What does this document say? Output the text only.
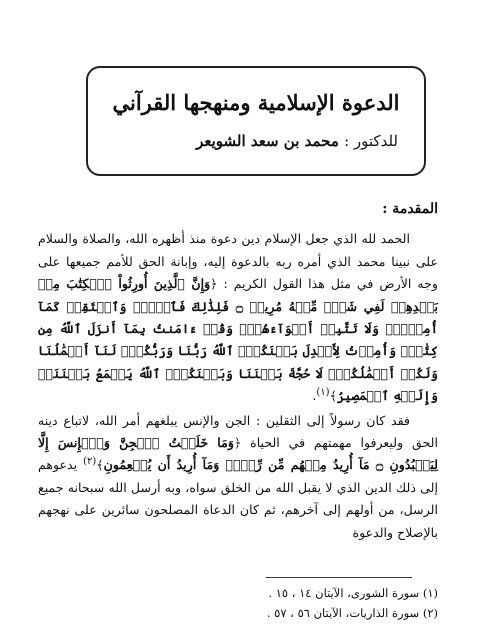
الدعوة الإسلامية ومنهجها القرآني
للدكتور : محمد بن سعد الشويعر
المقدمة :

الحمد لله الذي جعل الإسلام دين دعوة منذ أظهره الله، والصلاة والسلام على نبينا محمد الذي أمره ربه بالدعوة إليه، وإبانة الحق للأمم جميعها على وجه الأرض في مثل هذا القول الكريم : ﴿وَإِنَّ ٱلَّذِينَ أُورِثُواْ ٱلۡكِتَٰبَ مِنۢ بَعۡدِهِمۡ لَفِي شَكّٖ مِّنۡهُ مُرِيبٖ ۝ فَلِذَٰلِكَ فَٱدۡعُۖ وَٱسۡتَقِمۡ كَمَآ أُمِرۡتَۖ وَلَا تَتَّبِعۡ أَهۡوَآءَهُمۡۖ وَقُلۡ ءَامَنتُ بِمَآ أَنزَلَ ٱللَّهُ مِن كِتَٰبٖۖ وَأُمِرۡتُ لِأَعۡدِلَ بَيۡنَكُمُۖ ٱللَّهُ رَبُّنَا وَرَبُّكُمۡۖ لَنَآ أَعۡمَٰلُنَا وَلَكُمۡ أَعۡمَٰلُكُمۡۖ لَا حُجَّةَ بَيۡنَنَا وَبَيۡنَكُمُۖ ٱللَّهُ يَجۡمَعُ بَيۡنَنَاۖ وَإِلَيۡهِ ٱلۡمَصِيرُ﴾$^{(١)}$.

فقد كان رسولاً إلى الثقلين : الجن والإنس يبلغهم أمر الله، لاتباع دينه الحق وليعرفوا مهمتهم في الحياة ﴿وَمَا خَلَقۡتُ ٱلۡجِنَّ وَٱلۡإِنسَ إِلَّا لِيَعۡبُدُونِ ۝ مَآ أُرِيدُ مِنۡهُم مِّن رِّزۡقٖ وَمَآ أُرِيدُ أَن يُطۡعِمُونِ﴾$^{(٢)}$ يدعوهم إلى ذلك الدين الذي لا يقبل الله من الخلق سواه، وبه أرسل الله سبحانه جميع الرسل، من أولهم إلى آخرهم، ثم كان الدعاة المصلحون سائرين على نهجهم بالإصلاح والدعوة

(١) سورة الشورى، الآيتان ١٤ ، ١٥ .

(٢) سورة الذاريات، الآيتان ٥٦ ، ٥٧ .
